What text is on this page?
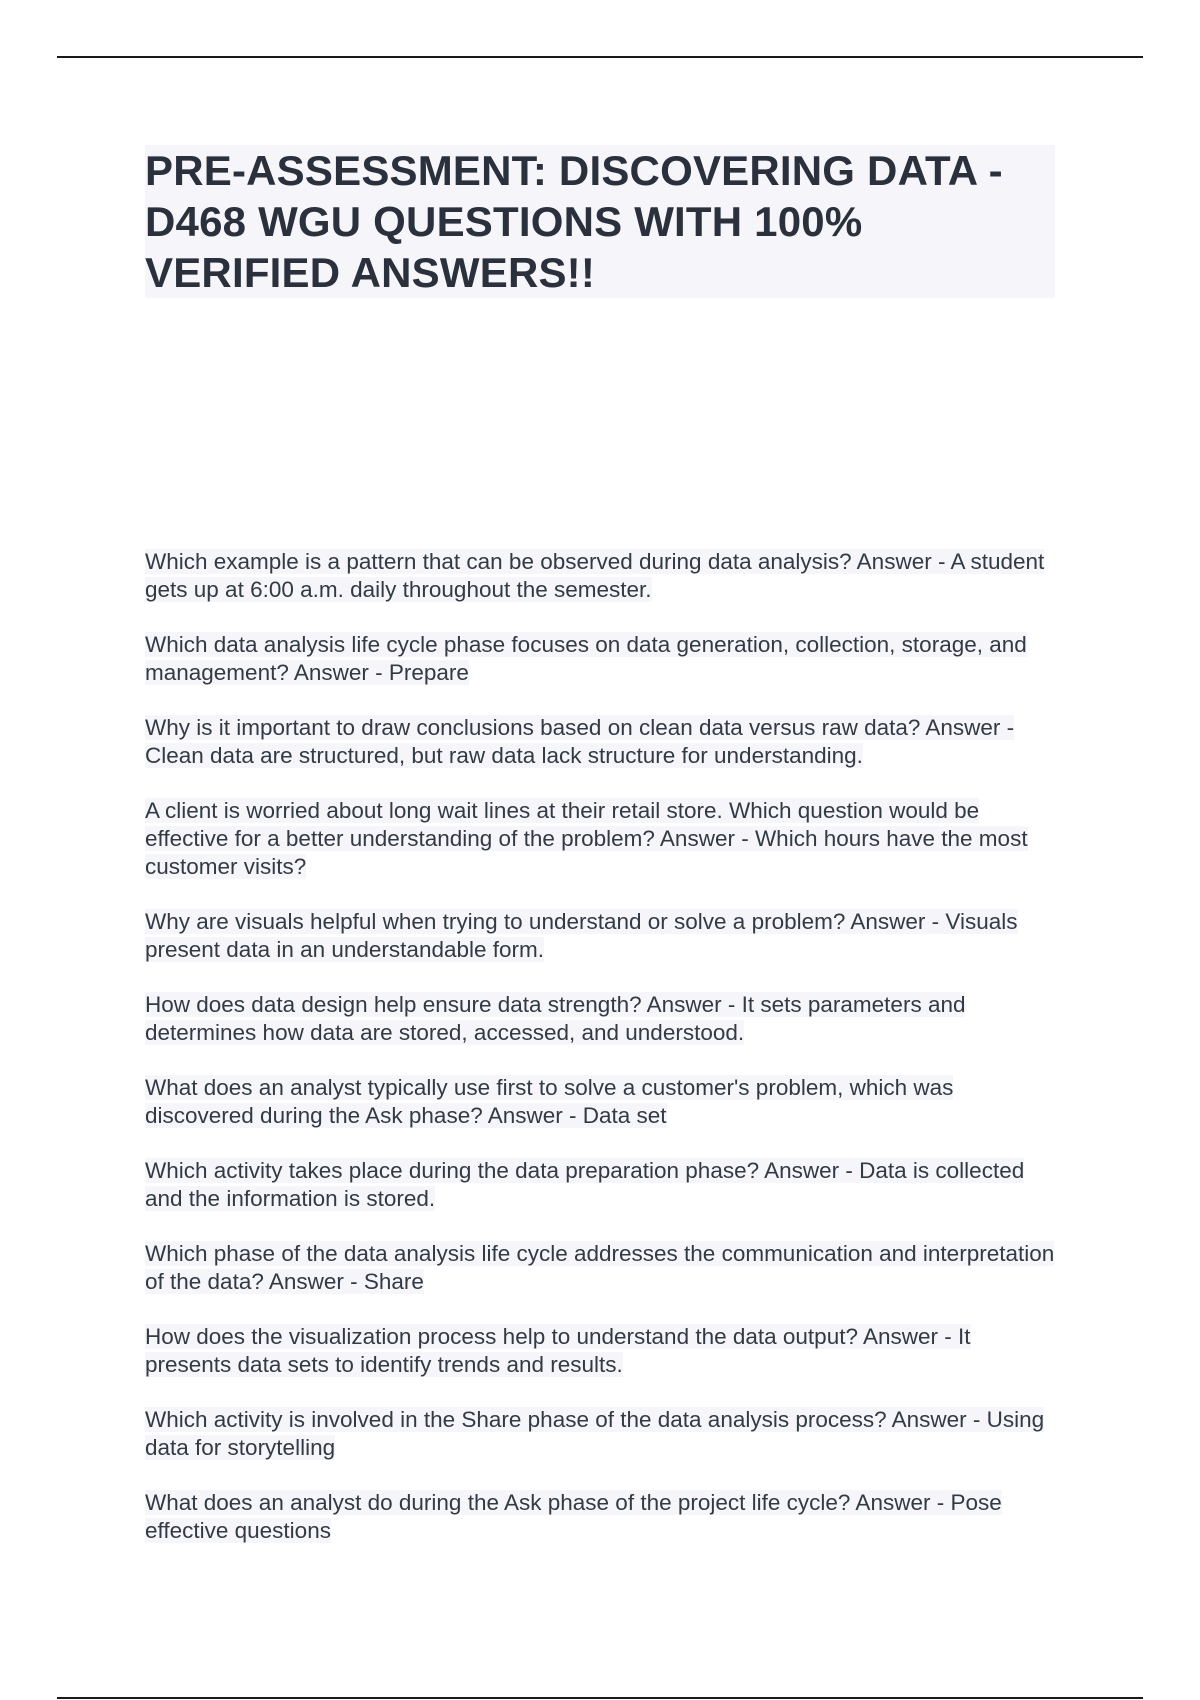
PRE-ASSESSMENT: DISCOVERING DATA - D468 WGU QUESTIONS WITH 100% VERIFIED ANSWERS!!

Which example is a pattern that can be observed during data analysis? Answer - A student gets up at 6:00 a.m. daily throughout the semester.

Which data analysis life cycle phase focuses on data generation, collection, storage, and management? Answer - Prepare

Why is it important to draw conclusions based on clean data versus raw data? Answer - Clean data are structured, but raw data lack structure for understanding.

A client is worried about long wait lines at their retail store. Which question would be effective for a better understanding of the problem? Answer - Which hours have the most customer visits?

Why are visuals helpful when trying to understand or solve a problem? Answer - Visuals present data in an understandable form.

How does data design help ensure data strength? Answer - It sets parameters and determines how data are stored, accessed, and understood.

What does an analyst typically use first to solve a customer's problem, which was discovered during the Ask phase? Answer - Data set

Which activity takes place during the data preparation phase? Answer - Data is collected and the information is stored.

Which phase of the data analysis life cycle addresses the communication and interpretation of the data? Answer - Share

How does the visualization process help to understand the data output? Answer - It presents data sets to identify trends and results.

Which activity is involved in the Share phase of the data analysis process? Answer - Using data for storytelling

What does an analyst do during the Ask phase of the project life cycle? Answer - Pose effective questions
